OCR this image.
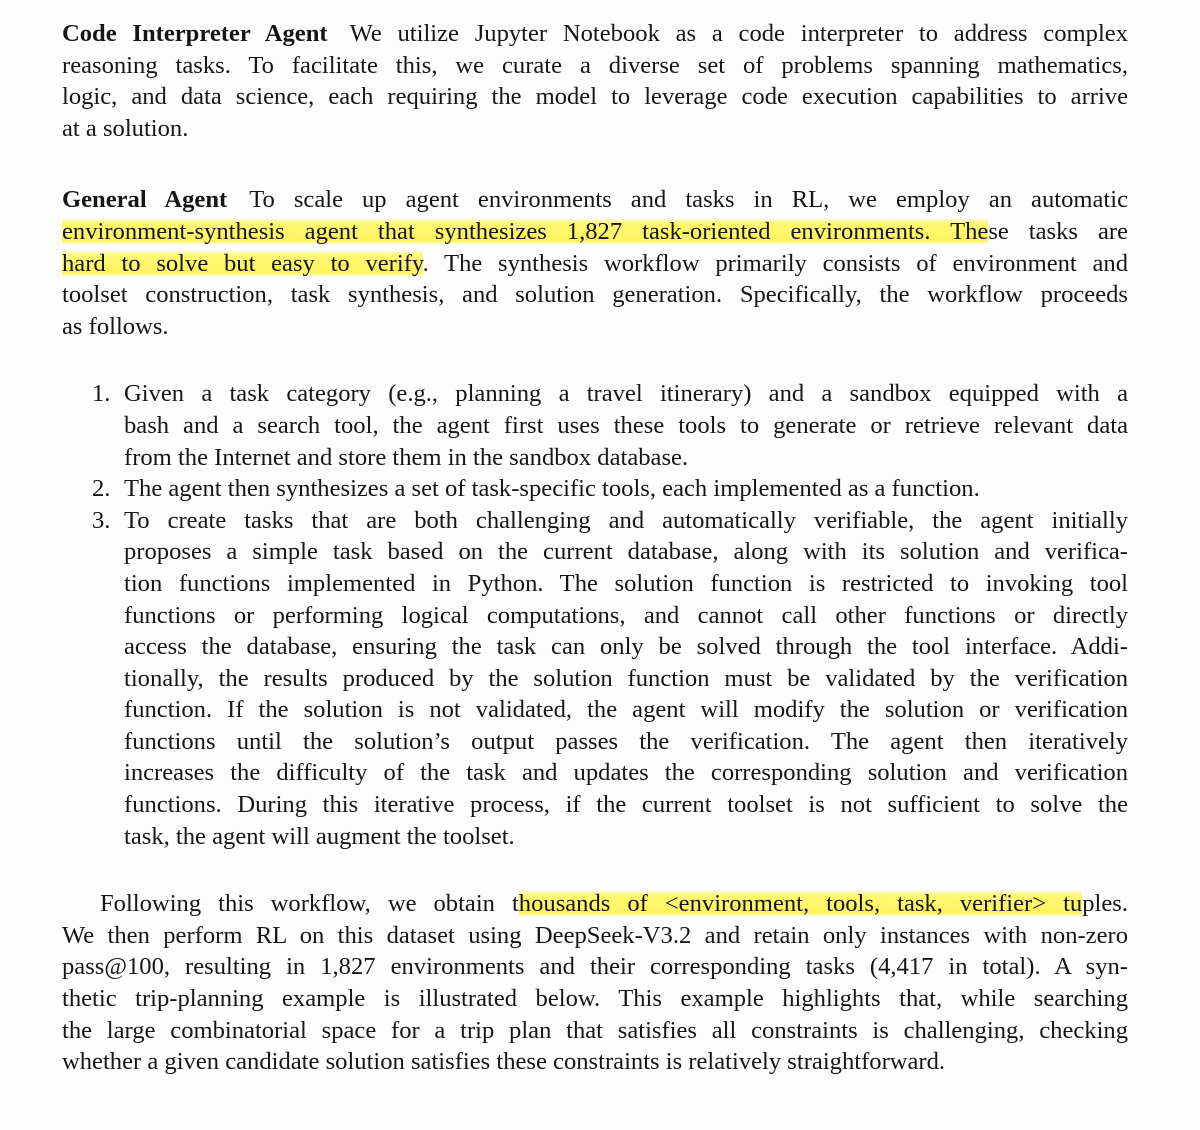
Code Interpreter Agent We utilize Jupyter Notebook as a code interpreter to address complex
reasoning tasks. To facilitate this, we curate a diverse set of problems spanning mathematics,
logic, and data science, each requiring the model to leverage code execution capabilities to arrive
at a solution.
General Agent To scale up agent environments and tasks in RL, we employ an automatic
environment-synthesis agent that synthesizes 1,827 task-oriented environments. These tasks are
hard to solve but easy to verify. The synthesis workflow primarily consists of environment and
toolset construction, task synthesis, and solution generation. Specifically, the workflow proceeds
as follows.
1. Given a task category (e.g., planning a travel itinerary) and a sandbox equipped with a
bash and a search tool, the agent first uses these tools to generate or retrieve relevant data
from the Internet and store them in the sandbox database.
2. The agent then synthesizes a set of task-specific tools, each implemented as a function.
3. To create tasks that are both challenging and automatically verifiable, the agent initially
proposes a simple task based on the current database, along with its solution and verifica-
tion functions implemented in Python. The solution function is restricted to invoking tool
functions or performing logical computations, and cannot call other functions or directly
access the database, ensuring the task can only be solved through the tool interface. Addi-
tionally, the results produced by the solution function must be validated by the verification
function. If the solution is not validated, the agent will modify the solution or verification
functions until the solution’s output passes the verification. The agent then iteratively
increases the difficulty of the task and updates the corresponding solution and verification
functions. During this iterative process, if the current toolset is not sufficient to solve the
task, the agent will augment the toolset.
Following this workflow, we obtain thousands of <environment, tools, task, verifier> tuples.
We then perform RL on this dataset using DeepSeek-V3.2 and retain only instances with non-zero
pass@100, resulting in 1,827 environments and their corresponding tasks (4,417 in total). A syn-
thetic trip-planning example is illustrated below. This example highlights that, while searching
the large combinatorial space for a trip plan that satisfies all constraints is challenging, checking
whether a given candidate solution satisfies these constraints is relatively straightforward.
